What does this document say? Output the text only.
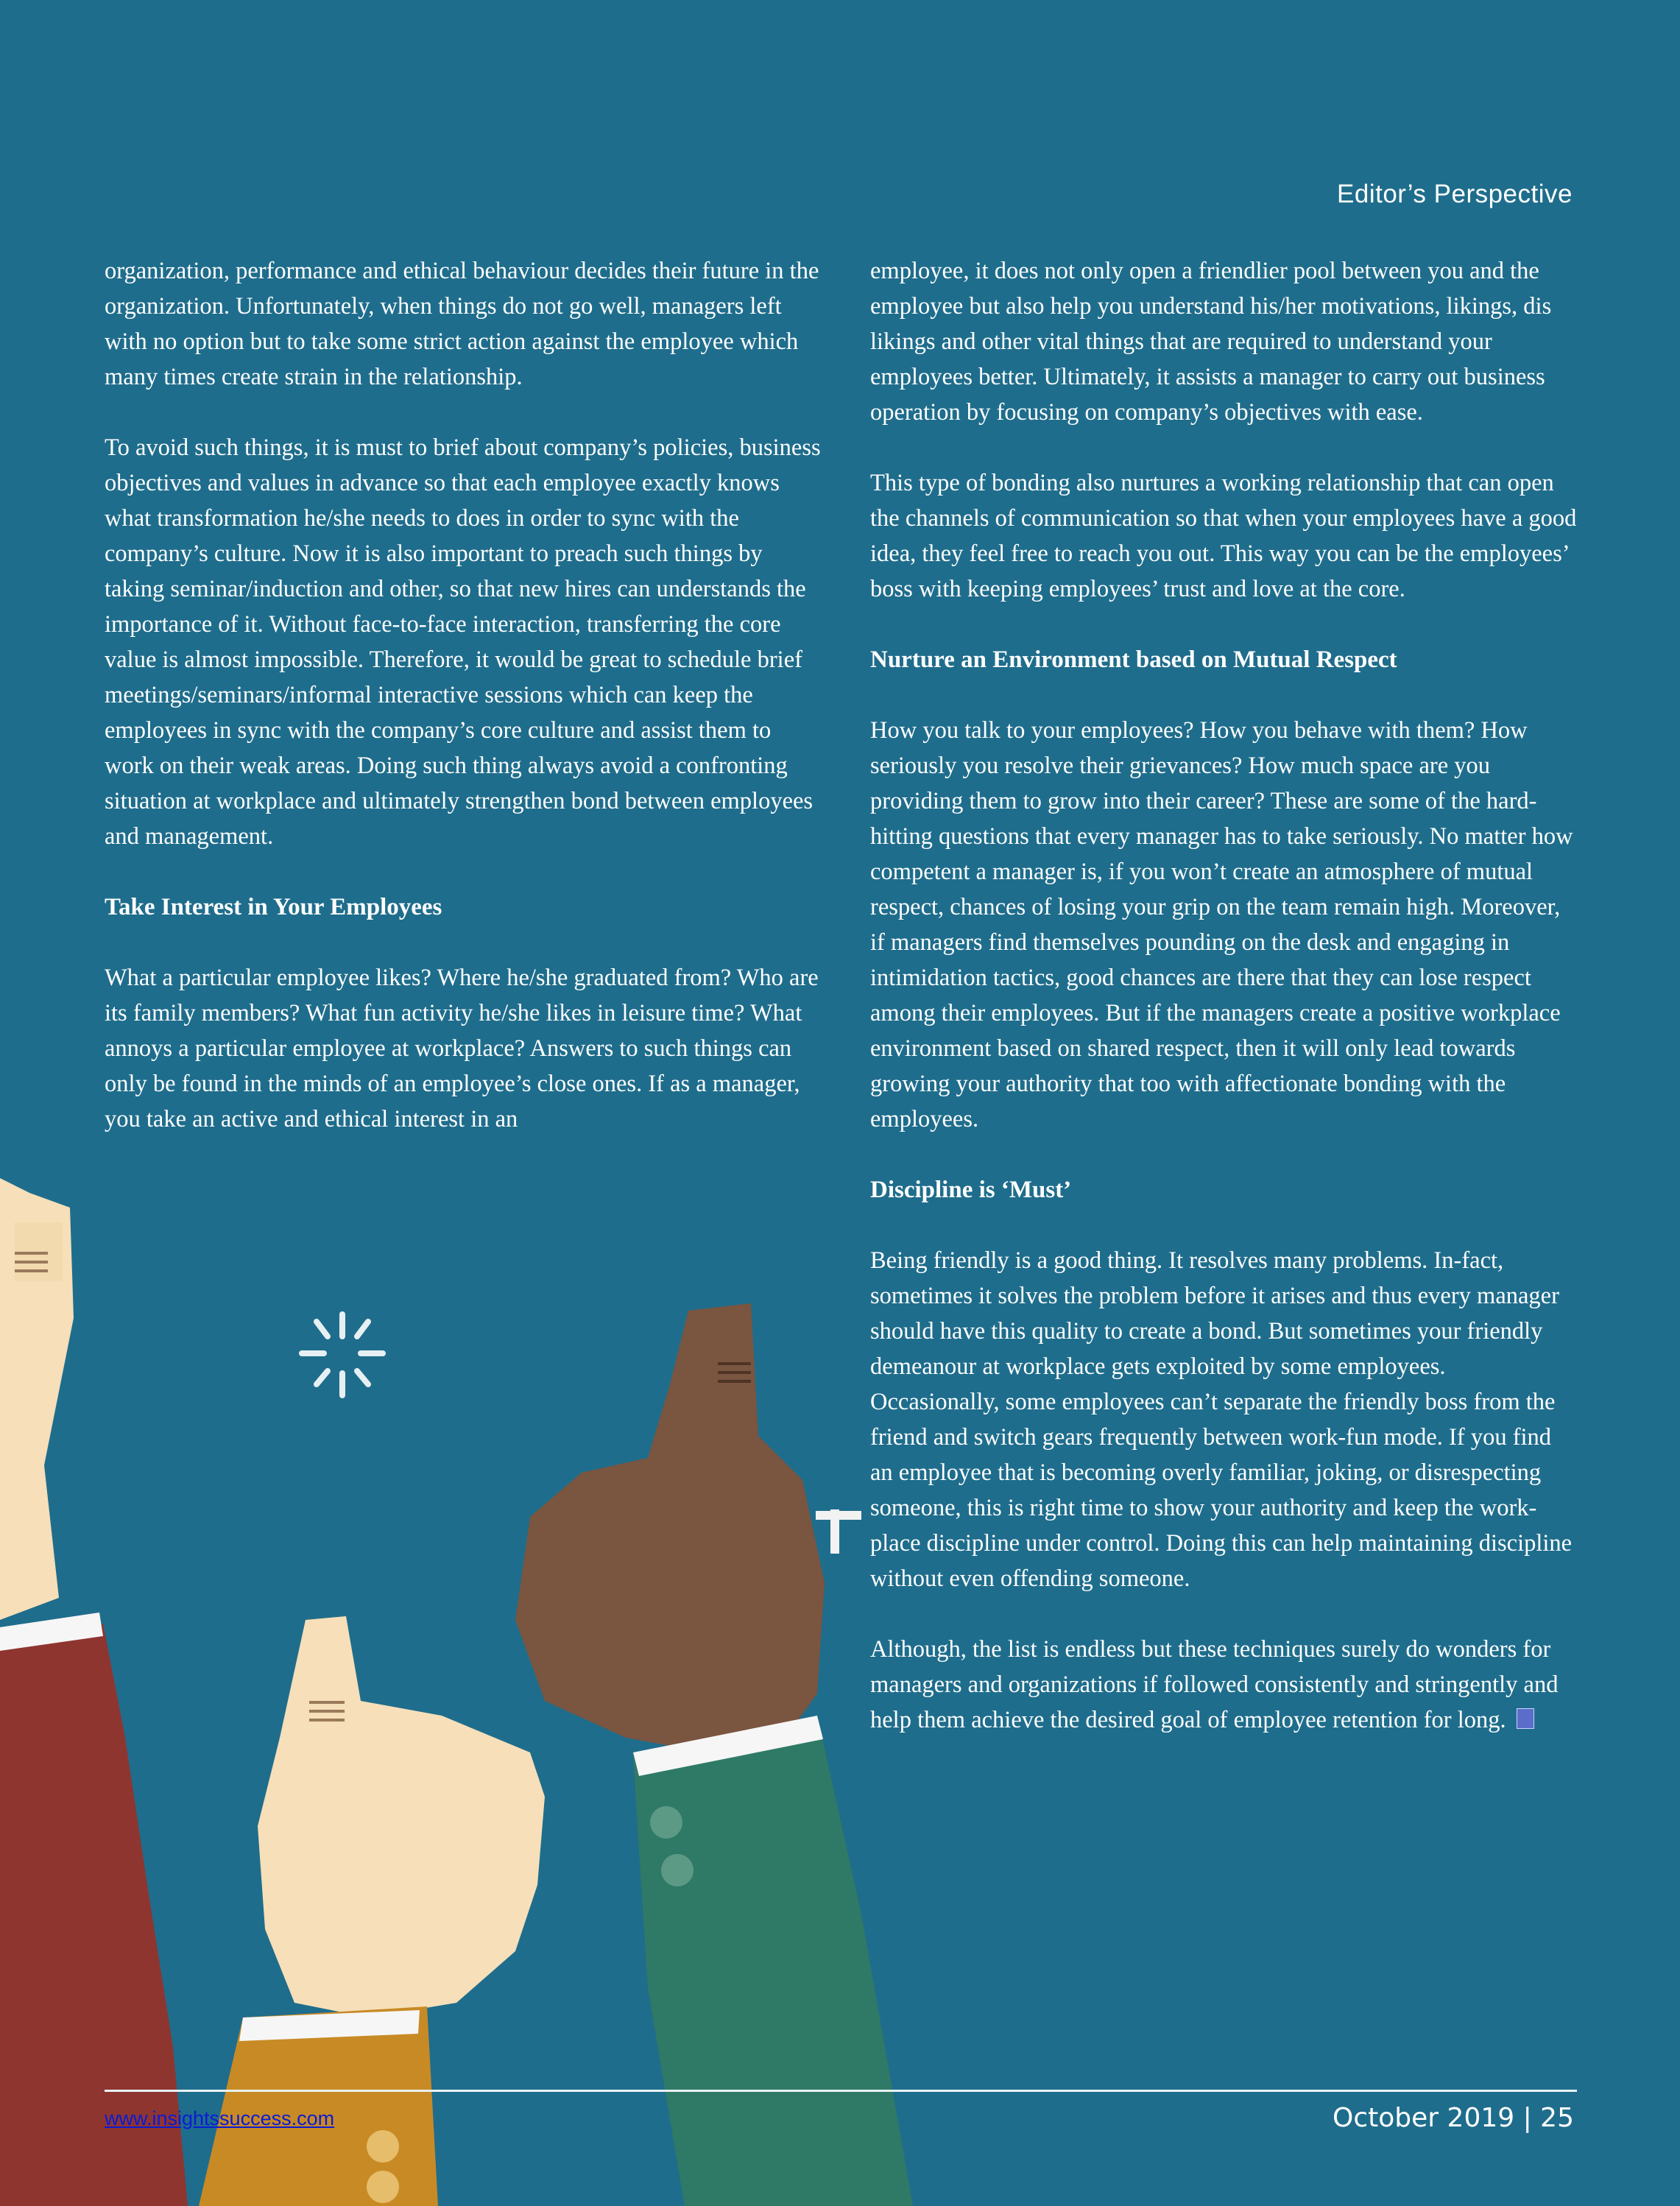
Editor’s Perspective

organization, performance and ethical behaviour decides their future in the organization. Unfortunately, when things do not go well, managers left with no option but to take some strict action against the employee which many times create strain in the relationship.

To avoid such things, it is must to brief about company’s policies, business objectives and values in advance so that each employee exactly knows what transformation he/she needs to does in order to sync with the company’s culture. Now it is also important to preach such things by taking seminar/induction and other, so that new hires can understands the importance of it. Without face-to-face interaction, transferring the core value is almost impossible. Therefore, it would be great to schedule brief meetings/seminars/informal interactive sessions which can keep the employees in sync with the company’s core culture and assist them to work on their weak areas. Doing such thing always avoid a confronting situation at workplace and ultimately strengthen bond between employees and management.

Take Interest in Your Employees

What a particular employee likes? Where he/she graduated from? Who are its family members? What fun activity he/she likes in leisure time? What annoys a particular employee at workplace? Answers to such things can only be found in the minds of an employee’s close ones. If as a manager, you take an active and ethical interest in an

employee, it does not only open a friendlier pool between you and the employee but also help you understand his/her motivations, likings, dis likings and other vital things that are required to understand your employees better. Ultimately, it assists a manager to carry out business operation by focusing on company’s objectives with ease.

This type of bonding also nurtures a working relationship that can open the channels of communication so that when your employees have a good idea, they feel free to reach you out. This way you can be the employees’ boss with keeping employees’ trust and love at the core.

Nurture an Environment based on Mutual Respect

How you talk to your employees? How you behave with them? How seriously you resolve their grievances? How much space are you providing them to grow into their career? These are some of the hard-hitting questions that every manager has to take seriously. No matter how competent a manager is, if you won’t create an atmosphere of mutual respect, chances of losing your grip on the team remain high. Moreover, if managers find themselves pounding on the desk and engaging in intimidation tactics, good chances are there that they can lose respect among their employees. But if the managers create a positive workplace environment based on shared respect, then it will only lead towards growing your authority that too with affectionate bonding with the employees.

Discipline is ‘Must’

Being friendly is a good thing. It resolves many problems. In-fact, sometimes it solves the problem before it arises and thus every manager should have this quality to create a bond. But sometimes your friendly demeanour at workplace gets exploited by some employees. Occasionally, some employees can’t separate the friendly boss from the friend and switch gears frequently between work-fun mode. If you find an employee that is becoming overly familiar, joking, or disrespecting someone, this is right time to show your authority and keep the work-place discipline under control. Doing this can help maintaining discipline without even offending someone.

Although, the list is endless but these techniques surely do wonders for managers and organizations if followed consistently and stringently and help them achieve the desired goal of employee retention for long.

www.insightssuccess.com	October 2019 | 25
